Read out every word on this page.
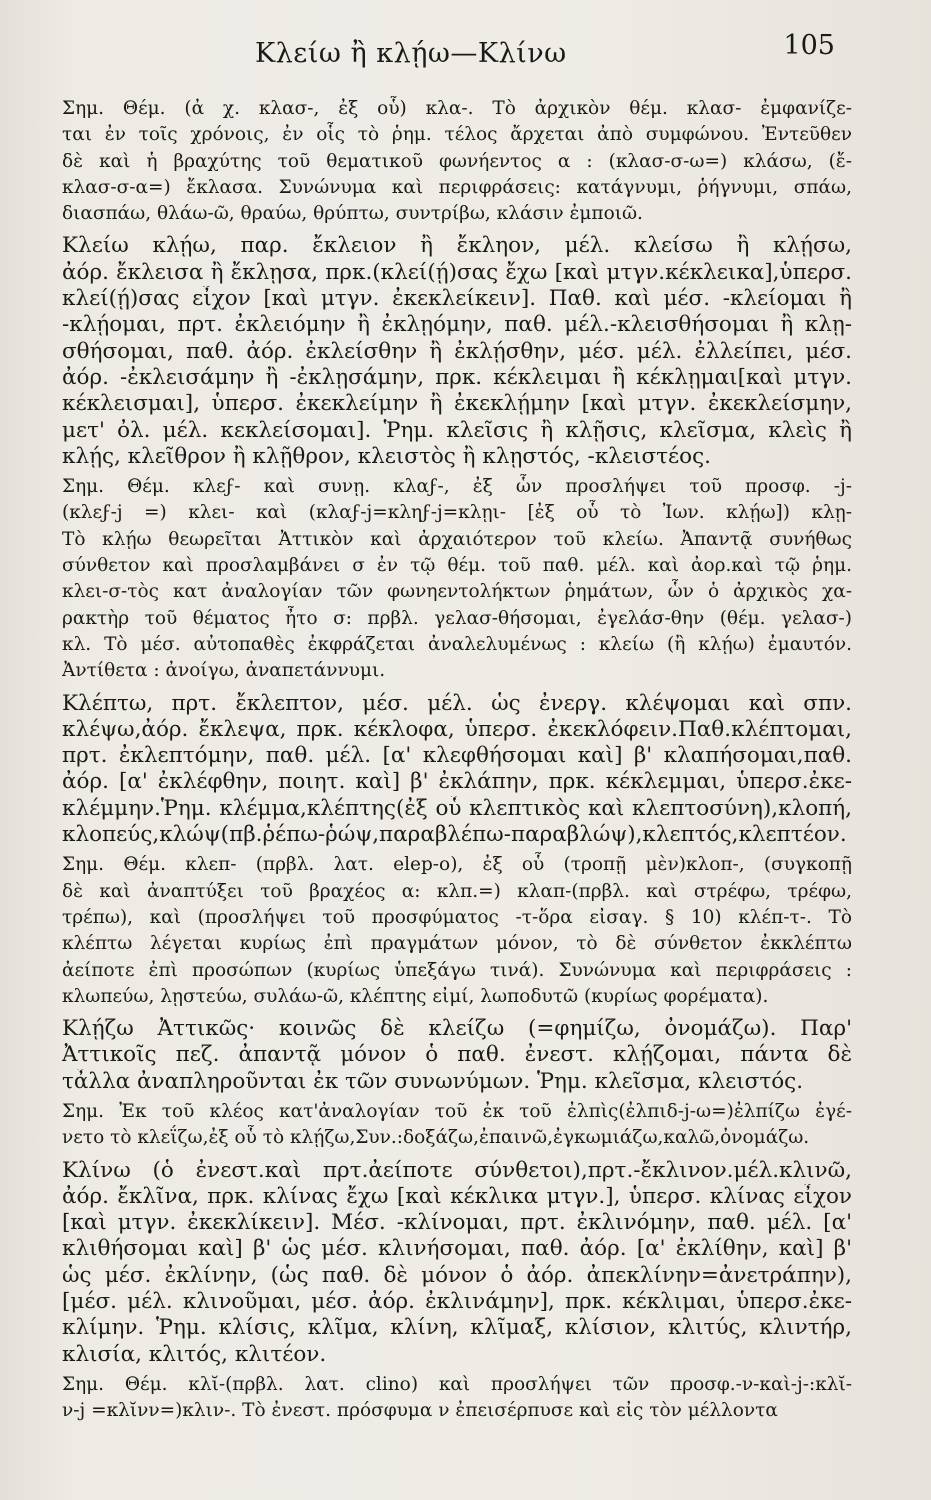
Κλείω ἢ κλῄω—Κλίνω	105
Σημ. Θέμ. (ἀ χ. κλασ-, ἐξ οὗ) κλα-. Τὸ ἀρχικὸν θέμ. κλασ- ἐμφανίζε-
ται ἐν τοῖς χρόνοις, ἐν οἷς τὸ ῥημ. τέλος ἄρχεται ἀπὸ συμφώνου. Ἐντεῦθεν
δὲ καὶ ἡ βραχύτης τοῦ θεματικοῦ φωνήεντος α : (κλασ-σ-ω=) κλάσω, (ἔ-
κλασ-σ-α=) ἔκλασα. Συνώνυμα καὶ περιφράσεις: κατάγνυμι, ῥήγνυμι, σπάω,
διασπάω, θλάω-ῶ, θραύω, θρύπτω, συντρίβω, κλάσιν ἐμποιῶ.
Κλείω κλῄω, παρ. ἔκλειον ἢ ἔκληον, μέλ. κλείσω ἢ κλῄσω,
ἀόρ. ἔκλεισα ἢ ἔκλῃσα, πρκ.(κλεί(ῄ)σας ἔχω [καὶ μτγν.κέκλεικα],ὑπερσ.
κλεί(ῄ)σας εἶχον [καὶ μτγν. ἐκεκλείκειν]. Παθ. καὶ μέσ. -κλείομαι ἢ
-κλῄομαι, πρτ. ἐκλειόμην ἢ ἐκλῃόμην, παθ. μέλ.-κλεισθήσομαι ἢ κλῃ-
σθήσομαι, παθ. ἀόρ. ἐκλείσθην ἢ ἐκλῄσθην, μέσ. μέλ. ἐλλείπει, μέσ.
ἀόρ. -ἐκλεισάμην ἢ -ἐκλῃσάμην, πρκ. κέκλειμαι ἢ κέκλῃμαι[καὶ μτγν.
κέκλεισμαι], ὑπερσ. ἐκεκλείμην ἢ ἐκεκλῄμην [καὶ μτγν. ἐκεκλείσμην,
μετ' ὀλ. μέλ. κεκλείσομαι]. Ῥημ. κλεῖσις ἢ κλῇσις, κλεῖσμα, κλεὶς ἢ
κλῄς, κλεῖθρον ἢ κλῇθρον, κλειστὸς ἢ κλῃστός, -κλειστέος.
Σημ. Θέμ. κλεϝ- καὶ συνῃ. κλαϝ-, ἐξ ὧν προσλήψει τοῦ προσφ. -j-
(κλεϝ-j =) κλει- καὶ (κλαϝ-j=κληϝ-j=κλῃι- [ἐξ οὗ τὸ Ἰων. κλῄω]) κλῃ-
Τὸ κλῄω θεωρεῖται Ἀττικὸν καὶ ἀρχαιότερον τοῦ κλείω. Ἀπαντᾷ συνήθως
σύνθετον καὶ προσλαμβάνει σ ἐν τῷ θέμ. τοῦ παθ. μέλ. καὶ ἀορ.καὶ τῷ ῥημ.
κλει-σ-τὸς κατ ἀναλογίαν τῶν φωνηεντολήκτων ῥημάτων, ὧν ὁ ἀρχικὸς χα-
ρακτὴρ τοῦ θέματος ἦτο σ: πρβλ. γελασ-θήσομαι, ἐγελάσ-θην (θέμ. γελασ-)
κλ. Τὸ μέσ. αὐτοπαθὲς ἐκφράζεται ἀναλελυμένως : κλείω (ἢ κλῄω) ἐμαυτόν.
Ἀντίθετα : ἀνοίγω, ἀναπετάννυμι.
Κλέπτω, πρτ. ἔκλεπτον, μέσ. μέλ. ὡς ἐνεργ. κλέψομαι καὶ σπν.
κλέψω,ἀόρ. ἔκλεψα, πρκ. κέκλοφα, ὑπερσ. ἐκεκλόφειν.Παθ.κλέπτομαι,
πρτ. ἐκλεπτόμην, παθ. μέλ. [α' κλεφθήσομαι καὶ] β' κλαπήσομαι,παθ.
ἀόρ. [α' ἐκλέφθην, ποιητ. καὶ] β' ἐκλάπην, πρκ. κέκλεμμαι, ὑπερσ.ἐκε-
κλέμμην.Ῥημ. κλέμμα,κλέπτης(ἐξ οὗ κλεπτικὸς καὶ κλεπτοσύνη),κλοπή,
κλοπεύς,κλώψ(πβ.ῥέπω-ῥώψ,παραβλέπω-παραβλώψ),κλεπτός,κλεπτέον.
Σημ. Θέμ. κλεπ- (πρβλ. λατ. elep-o), ἐξ οὗ (τροπῇ μὲν)κλοπ-, (συγκοπῇ
δὲ καὶ ἀναπτύξει τοῦ βραχέος α: κλπ.=) κλαπ-(πρβλ. καὶ στρέφω, τρέφω,
τρέπω), καὶ (προσλήψει τοῦ προσφύματος -τ-ὅρα εἰσαγ. § 10) κλέπ-τ-. Τὸ
κλέπτω λέγεται κυρίως ἐπὶ πραγμάτων μόνον, τὸ δὲ σύνθετον ἐκκλέπτω
ἀείποτε ἐπὶ προσώπων (κυρίως ὑπεξάγω τινά). Συνώνυμα καὶ περιφράσεις :
κλωπεύω, λῃστεύω, συλάω-ῶ, κλέπτης εἰμί, λωποδυτῶ (κυρίως φορέματα).
Κλῄζω Ἀττικῶς· κοινῶς δὲ κλείζω (=φημίζω, ὀνομάζω). Παρ'
Ἀττικοῖς πεζ. ἀπαντᾷ μόνον ὁ παθ. ἐνεστ. κλῄζομαι, πάντα δὲ
τἆλλα ἀναπληροῦνται ἐκ τῶν συνωνύμων. Ῥημ. κλεῖσμα, κλειστός.
Σημ. Ἐκ τοῦ κλέος κατ'ἀναλογίαν τοῦ ἐκ τοῦ ἐλπὶς(ἐλπιδ-j-ω=)ἐλπίζω ἐγέ-
νετο τὸ κλεΐζω,ἐξ οὗ τὸ κλῄζω,Συν.:δοξάζω,ἐπαινῶ,ἐγκωμιάζω,καλῶ,ὀνομάζω.
Κλίνω (ὁ ἐνεστ.καὶ πρτ.ἀείποτε σύνθετοι),πρτ.-ἔκλινον.μέλ.κλινῶ,
ἀόρ. ἔκλῖνα, πρκ. κλίνας ἔχω [καὶ κέκλικα μτγν.], ὑπερσ. κλίνας εἶχον
[καὶ μτγν. ἐκεκλίκειν]. Μέσ. -κλίνομαι, πρτ. ἐκλινόμην, παθ. μέλ. [α'
κλιθήσομαι καὶ] β' ὡς μέσ. κλινήσομαι, παθ. ἀόρ. [α' ἐκλίθην, καὶ] β'
ὡς μέσ. ἐκλίνην, (ὡς παθ. δὲ μόνον ὁ ἀόρ. ἀπεκλίνην=ἀνετράπην),
[μέσ. μέλ. κλινοῦμαι, μέσ. ἀόρ. ἐκλινάμην], πρκ. κέκλιμαι, ὑπερσ.ἐκε-
κλίμην. Ῥημ. κλίσις, κλῖμα, κλίνη, κλῖμαξ, κλίσιον, κλιτύς, κλιντήρ,
κλισία, κλιτός, κλιτέον.
Σημ. Θέμ. κλῐ-(πρβλ. λατ. clino) καὶ προσλήψει τῶν προσφ.-ν-καὶ-j-:κλῐ-
ν-j =κλῐνν=)κλιν-. Τὸ ἐνεστ. πρόσφυμα ν ἐπεισέρπυσε καὶ εἰς τὸν μέλλοντα
